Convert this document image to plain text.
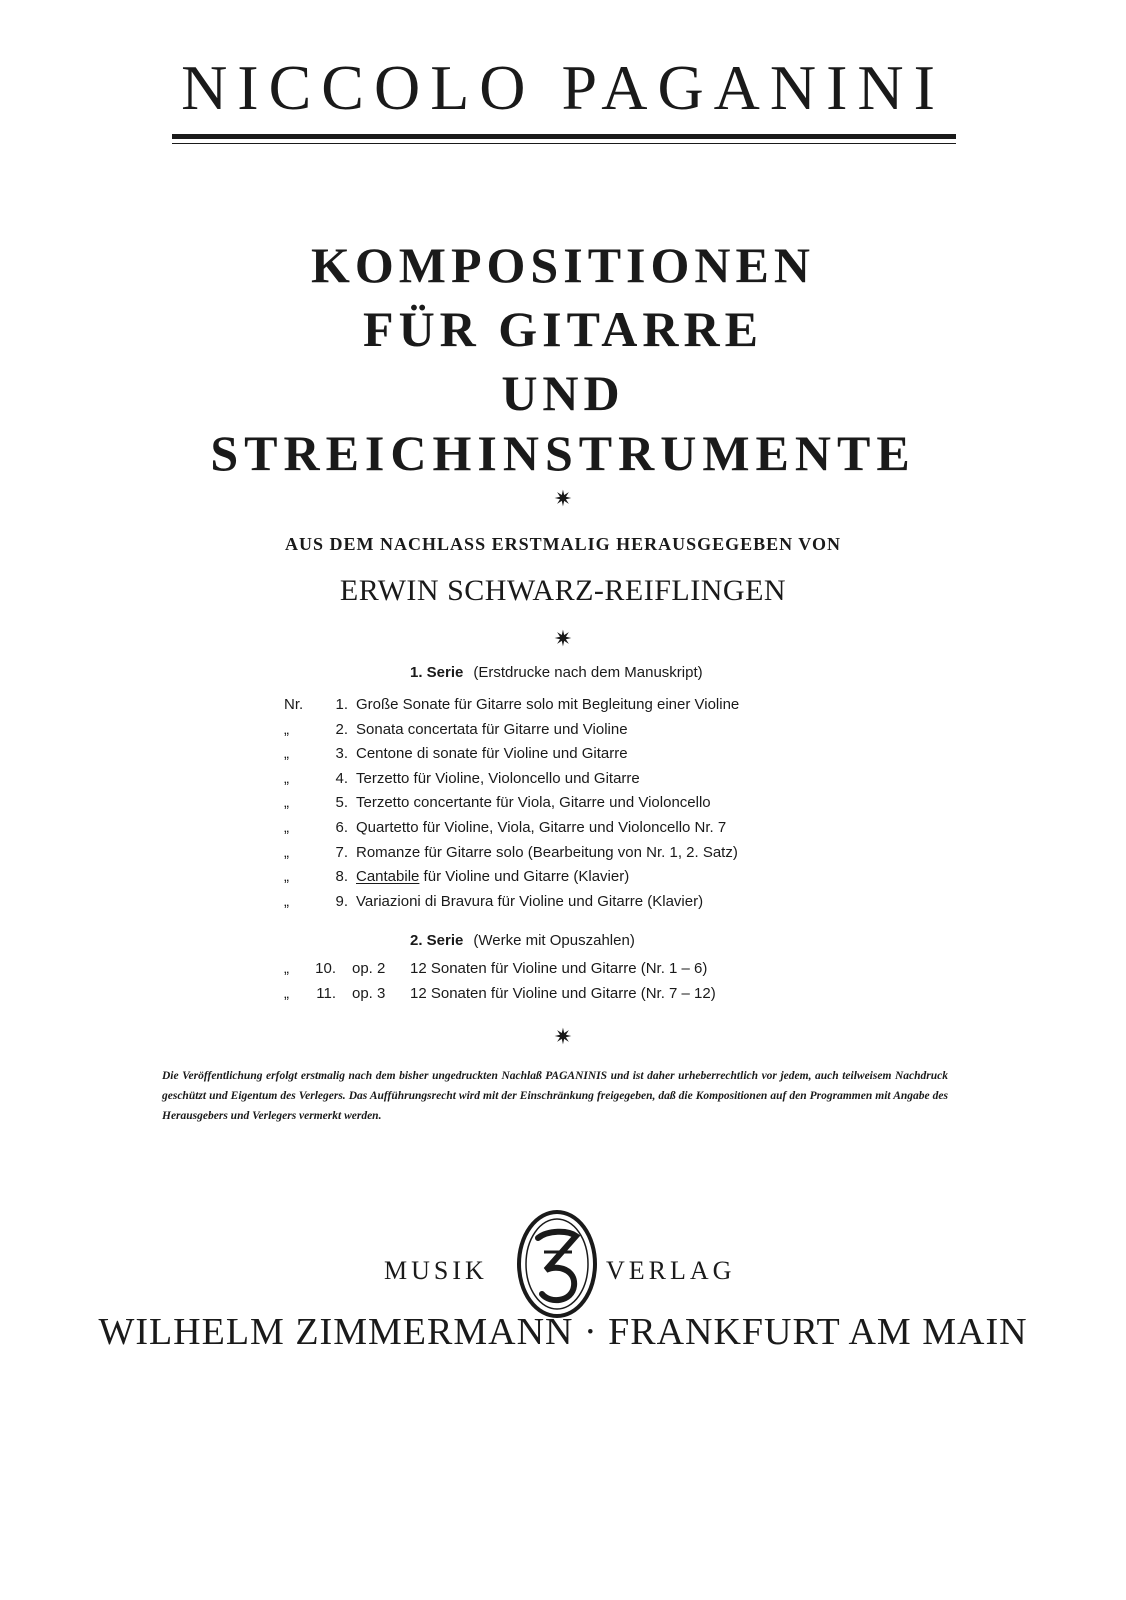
NICCOLO PAGANINI
KOMPOSITIONEN
FÜR GITARRE
UND
STREICHINSTRUMENTE
✷
AUS DEM NACHLASS ERSTMALIG HERAUSGEGEBEN VON
ERWIN SCHWARZ-REIFLINGEN
✷
1. Serie (Erstdrucke nach dem Manuskript)
2. Serie (Werke mit Opuszahlen)
Nr.	1. Große Sonate für Gitarre solo mit Begleitung einer Violine
„	2. Sonata concertata für Gitarre und Violine
„	3. Centone di sonate für Violine und Gitarre
„	4. Terzetto für Violine, Violoncello und Gitarre
„	5. Terzetto concertante für Viola, Gitarre und Violoncello
„	6. Quartetto für Violine, Viola, Gitarre und Violoncello Nr. 7
„	7. Romanze für Gitarre solo (Bearbeitung von Nr. 1, 2. Satz)
„	8. Cantabile für Violine und Gitarre (Klavier)
„	9. Variazioni di Bravura für Violine und Gitarre (Klavier)
„	10. op. 2 12 Sonaten für Violine und Gitarre (Nr. 1 – 6)
„	11. op. 3 12 Sonaten für Violine und Gitarre (Nr. 7 – 12)
✷
Die Veröffentlichung erfolgt erstmalig nach dem bisher ungedruckten Nachlaß PAGANINIS und ist daher urheberrechtlich vor jedem, auch teilweisem Nachdruck geschützt und Eigentum des Verlegers. Das Aufführungsrecht wird mit der Einschränkung freigegeben, daß die Kompositionen auf den Programmen mit Angabe des Herausgebers und Verlegers vermerkt werden.
MUSIK	VERLAG
WILHELM ZIMMERMANN · FRANKFURT AM MAIN
